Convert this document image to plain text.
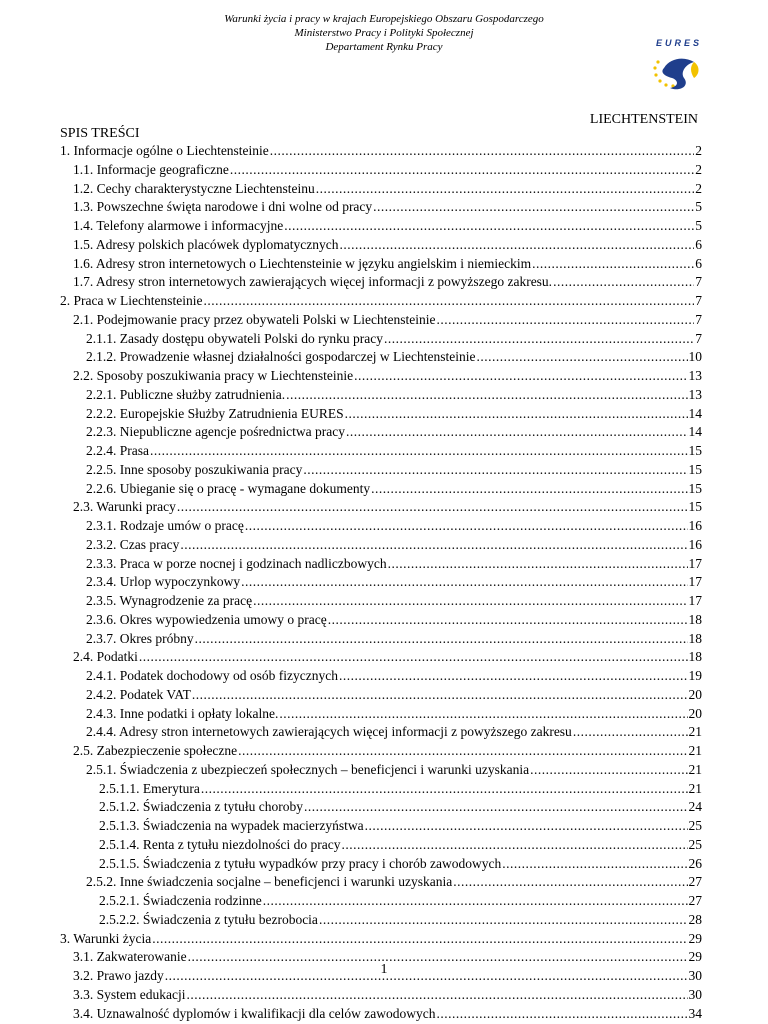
Warunki życia i pracy w krajach Europejskiego Obszaru Gospodarczego
Ministerstwo Pracy i Polityki Społecznej
Departament Rynku Pracy	EURES
LIECHTENSTEIN
SPIS TREŚCI
1. Informacje ogólne o Liechtensteinie .....	2
1.1. Informacje geograficzne .....	2
1.2. Cechy charakterystyczne Liechtensteinu .....	2
1.3. Powszechne święta narodowe i dni wolne od pracy .....	5
1.4. Telefony alarmowe i informacyjne .....	5
1.5. Adresy polskich placówek dyplomatycznych .....	6
1.6. Adresy stron internetowych o Liechtensteinie w języku angielskim i niemieckim .....	6
1.7. Adresy stron internetowych zawierających więcej informacji z powyższego zakresu. .....	7
2. Praca w Liechtensteinie .....	7
2.1. Podejmowanie pracy przez obywateli Polski w Liechtensteinie .....	7
2.1.1. Zasady dostępu obywateli Polski do rynku pracy .....	7
2.1.2. Prowadzenie własnej działalności gospodarczej w Liechtensteinie .....	10
2.2. Sposoby poszukiwania pracy w Liechtensteinie .....	13
2.2.1. Publiczne służby zatrudnienia. .....	13
2.2.2. Europejskie Służby Zatrudnienia EURES .....	14
2.2.3. Niepubliczne agencje pośrednictwa pracy .....	14
2.2.4. Prasa .....	15
2.2.5. Inne sposoby poszukiwania pracy .....	15
2.2.6. Ubieganie się o pracę - wymagane dokumenty .....	15
2.3. Warunki pracy .....	15
2.3.1. Rodzaje umów o pracę .....	16
2.3.2. Czas pracy .....	16
2.3.3. Praca w porze nocnej i godzinach nadliczbowych .....	17
2.3.4. Urlop wypoczynkowy .....	17
2.3.5. Wynagrodzenie za pracę .....	17
2.3.6. Okres wypowiedzenia umowy o pracę .....	18
2.3.7. Okres próbny .....	18
2.4. Podatki .....	18
2.4.1. Podatek dochodowy od osób fizycznych .....	19
2.4.2. Podatek VAT .....	20
2.4.3. Inne podatki i opłaty lokalne. .....	20
2.4.4. Adresy stron internetowych zawierających więcej informacji z powyższego zakresu .....	21
2.5. Zabezpieczenie społeczne .....	21
2.5.1. Świadczenia z ubezpieczeń społecznych – beneficjenci i warunki uzyskania .....	21
2.5.1.1. Emerytura .....	21
2.5.1.2. Świadczenia z tytułu choroby .....	24
2.5.1.3. Świadczenia na wypadek macierzyństwa .....	25
2.5.1.4. Renta z tytułu niezdolności do pracy .....	25
2.5.1.5. Świadczenia z tytułu wypadków przy pracy i chorób zawodowych .....	26
2.5.2. Inne świadczenia socjalne – beneficjenci i warunki uzyskania .....	27
2.5.2.1. Świadczenia rodzinne .....	27
2.5.2.2. Świadczenia z tytułu bezrobocia .....	28
3. Warunki życia .....	29
3.1. Zakwaterowanie .....	29
3.2. Prawo jazdy .....	30
3.3. System edukacji .....	30
3.4. Uznawalność dyplomów i kwalifikacji dla celów zawodowych .....	34
1
